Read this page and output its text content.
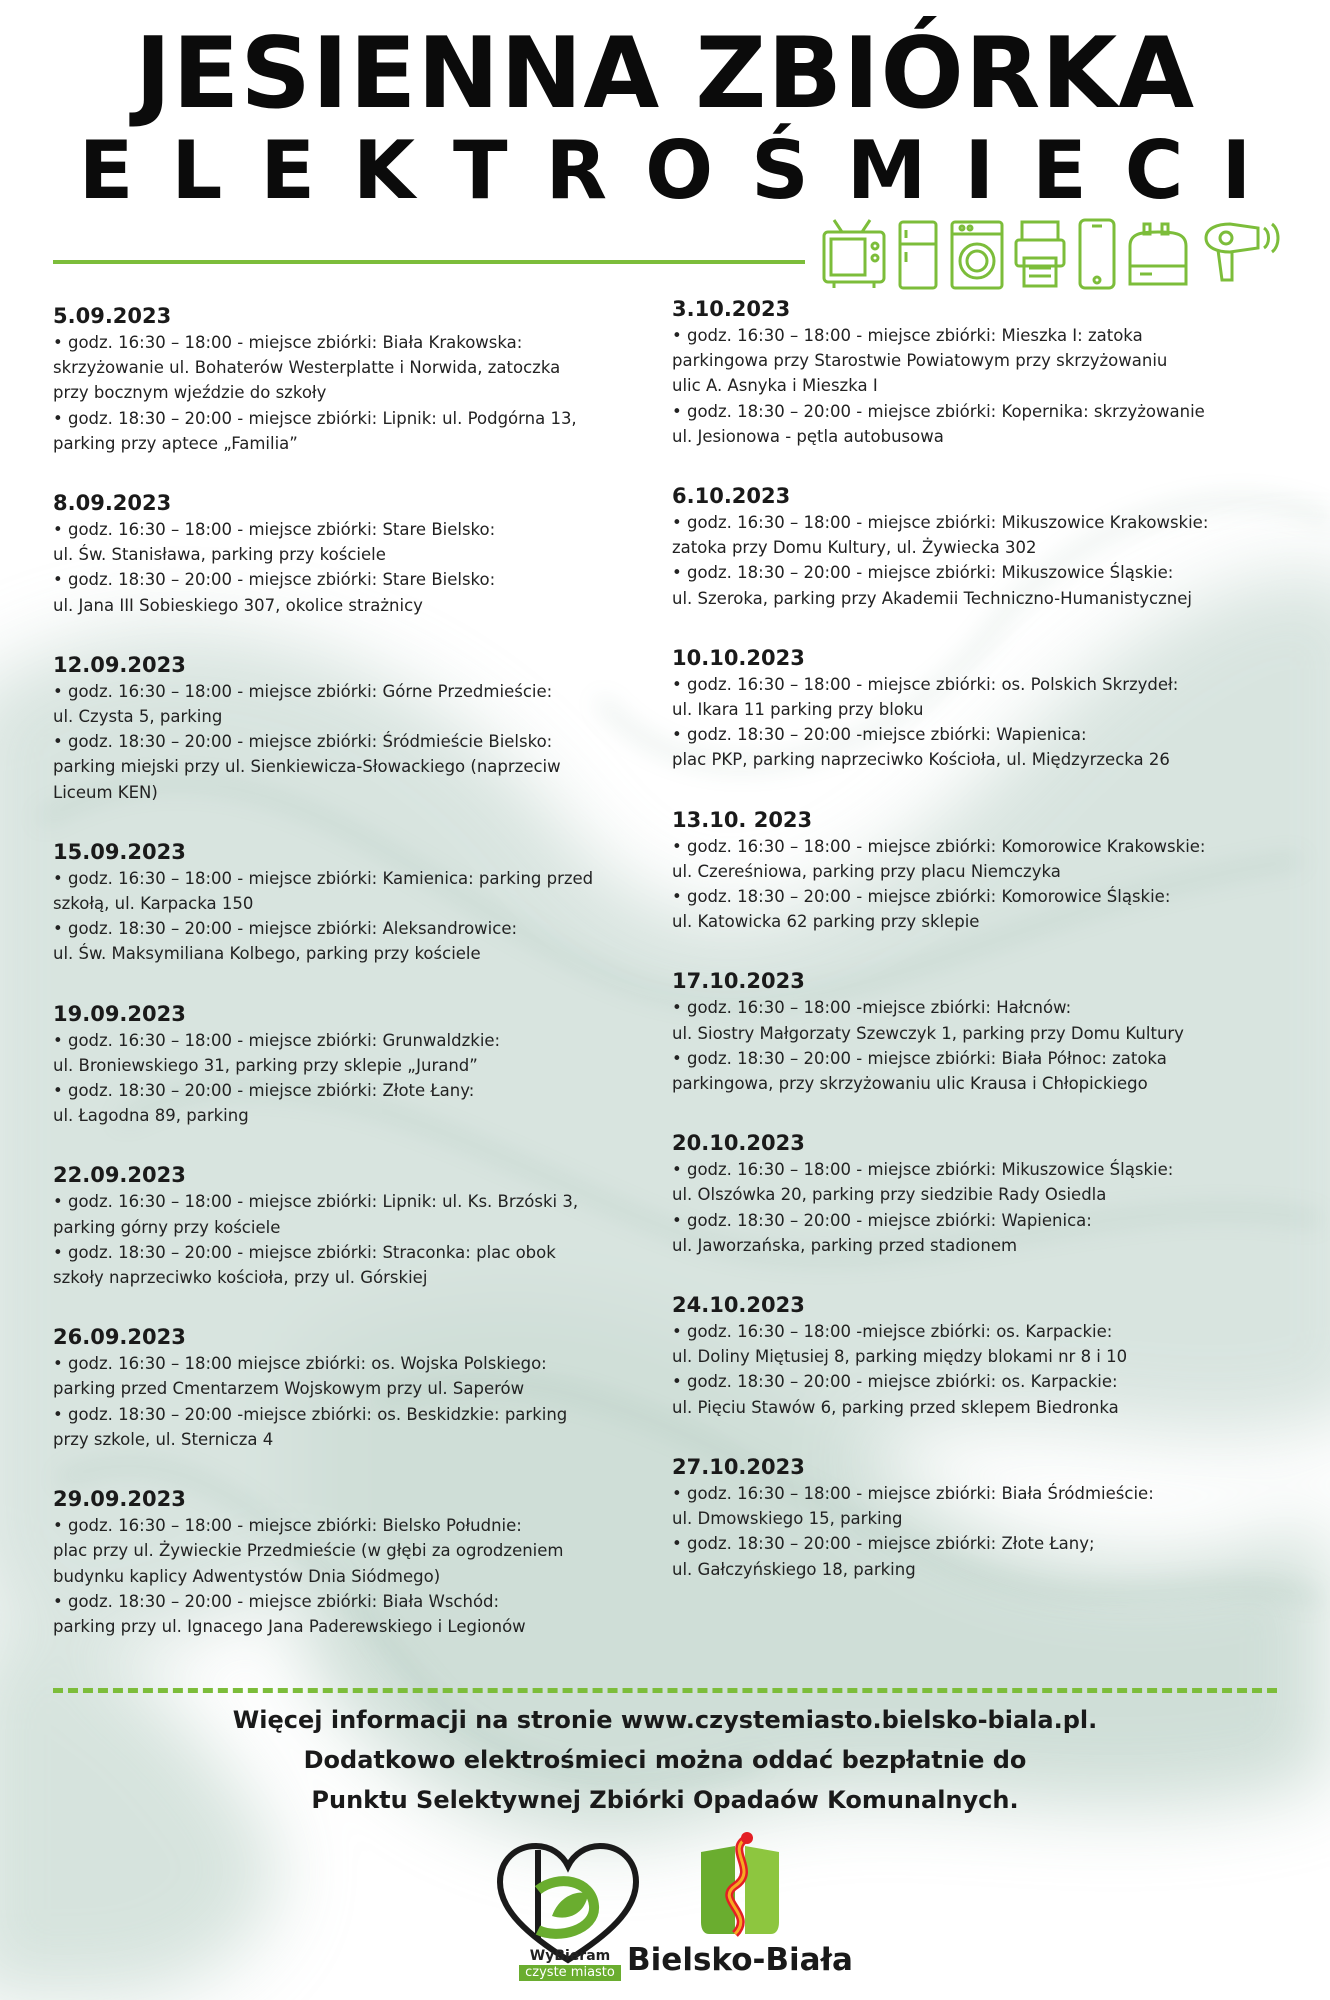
JESIENNA ZBIÓRKA
ELEKTROŚMIECI
5.09.2023
• godz. 16:30 – 18:00 - miejsce zbiórki: Biała Krakowska:
skrzyżowanie ul. Bohaterów Westerplatte i Norwida, zatoczka
przy bocznym wjeździe do szkoły
• godz. 18:30 – 20:00 - miejsce zbiórki: Lipnik: ul. Podgórna 13,
parking przy aptece „Familia”
8.09.2023
• godz. 16:30 – 18:00 - miejsce zbiórki: Stare Bielsko:
ul. Św. Stanisława, parking przy kościele
• godz. 18:30 – 20:00 - miejsce zbiórki: Stare Bielsko:
ul. Jana III Sobieskiego 307, okolice strażnicy
12.09.2023
• godz. 16:30 – 18:00 - miejsce zbiórki: Górne Przedmieście:
ul. Czysta 5, parking
• godz. 18:30 – 20:00 - miejsce zbiórki: Śródmieście Bielsko:
parking miejski przy ul. Sienkiewicza-Słowackiego (naprzeciw
Liceum KEN)
15.09.2023
• godz. 16:30 – 18:00 - miejsce zbiórki: Kamienica: parking przed
szkołą, ul. Karpacka 150
• godz. 18:30 – 20:00 - miejsce zbiórki: Aleksandrowice:
ul. Św. Maksymiliana Kolbego, parking przy kościele
19.09.2023
• godz. 16:30 – 18:00 - miejsce zbiórki: Grunwaldzkie:
ul. Broniewskiego 31, parking przy sklepie „Jurand”
• godz. 18:30 – 20:00 - miejsce zbiórki: Złote Łany:
ul. Łagodna 89, parking
22.09.2023
• godz. 16:30 – 18:00 - miejsce zbiórki: Lipnik: ul. Ks. Brzóski 3,
parking górny przy kościele
• godz. 18:30 – 20:00 - miejsce zbiórki: Straconka: plac obok
szkoły naprzeciwko kościoła, przy ul. Górskiej
26.09.2023
• godz. 16:30 – 18:00 miejsce zbiórki: os. Wojska Polskiego:
parking przed Cmentarzem Wojskowym przy ul. Saperów
• godz. 18:30 – 20:00 -miejsce zbiórki: os. Beskidzkie: parking
przy szkole, ul. Sternicza 4
29.09.2023
• godz. 16:30 – 18:00 - miejsce zbiórki: Bielsko Południe:
plac przy ul. Żywieckie Przedmieście (w głębi za ogrodzeniem
budynku kaplicy Adwentystów Dnia Siódmego)
• godz. 18:30 – 20:00 - miejsce zbiórki: Biała Wschód:
parking przy ul. Ignacego Jana Paderewskiego i Legionów
3.10.2023
• godz. 16:30 – 18:00 - miejsce zbiórki: Mieszka I: zatoka
parkingowa przy Starostwie Powiatowym przy skrzyżowaniu
ulic A. Asnyka i Mieszka I
• godz. 18:30 – 20:00 - miejsce zbiórki: Kopernika: skrzyżowanie
ul. Jesionowa - pętla autobusowa
6.10.2023
• godz. 16:30 – 18:00 - miejsce zbiórki: Mikuszowice Krakowskie:
zatoka przy Domu Kultury, ul. Żywiecka 302
• godz. 18:30 – 20:00 - miejsce zbiórki: Mikuszowice Śląskie:
ul. Szeroka, parking przy Akademii Techniczno-Humanistycznej
10.10.2023
• godz. 16:30 – 18:00 - miejsce zbiórki: os. Polskich Skrzydeł:
ul. Ikara 11 parking przy bloku
• godz. 18:30 – 20:00 -miejsce zbiórki: Wapienica:
plac PKP, parking naprzeciwko Kościoła, ul. Międzyrzecka 26
13.10. 2023
• godz. 16:30 – 18:00 - miejsce zbiórki: Komorowice Krakowskie:
ul. Czereśniowa, parking przy placu Niemczyka
• godz. 18:30 – 20:00 - miejsce zbiórki: Komorowice Śląskie:
ul. Katowicka 62 parking przy sklepie
17.10.2023
• godz. 16:30 – 18:00 -miejsce zbiórki: Hałcnów:
ul. Siostry Małgorzaty Szewczyk 1, parking przy Domu Kultury
• godz. 18:30 – 20:00 - miejsce zbiórki: Biała Północ: zatoka
parkingowa, przy skrzyżowaniu ulic Krausa i Chłopickiego
20.10.2023
• godz. 16:30 – 18:00 - miejsce zbiórki: Mikuszowice Śląskie:
ul. Olszówka 20, parking przy siedzibie Rady Osiedla
• godz. 18:30 – 20:00 - miejsce zbiórki: Wapienica:
ul. Jaworzańska, parking przed stadionem
24.10.2023
• godz. 16:30 – 18:00 -miejsce zbiórki: os. Karpackie:
ul. Doliny Miętusiej 8, parking między blokami nr 8 i 10
• godz. 18:30 – 20:00 - miejsce zbiórki: os. Karpackie:
ul. Pięciu Stawów 6, parking przed sklepem Biedronka
27.10.2023
• godz. 16:30 – 18:00 - miejsce zbiórki: Biała Śródmieście:
ul. Dmowskiego 15, parking
• godz. 18:30 – 20:00 - miejsce zbiórki: Złote Łany;
ul. Gałczyńskiego 18, parking
Więcej informacji na stronie www.czystemiasto.bielsko-biala.pl.
Dodatkowo elektrośmieci można oddać bezpłatnie do
Punktu Selektywnej Zbiórki Opadaów Komunalnych.
WyBieram
czyste miasto Bielsko-Biała
